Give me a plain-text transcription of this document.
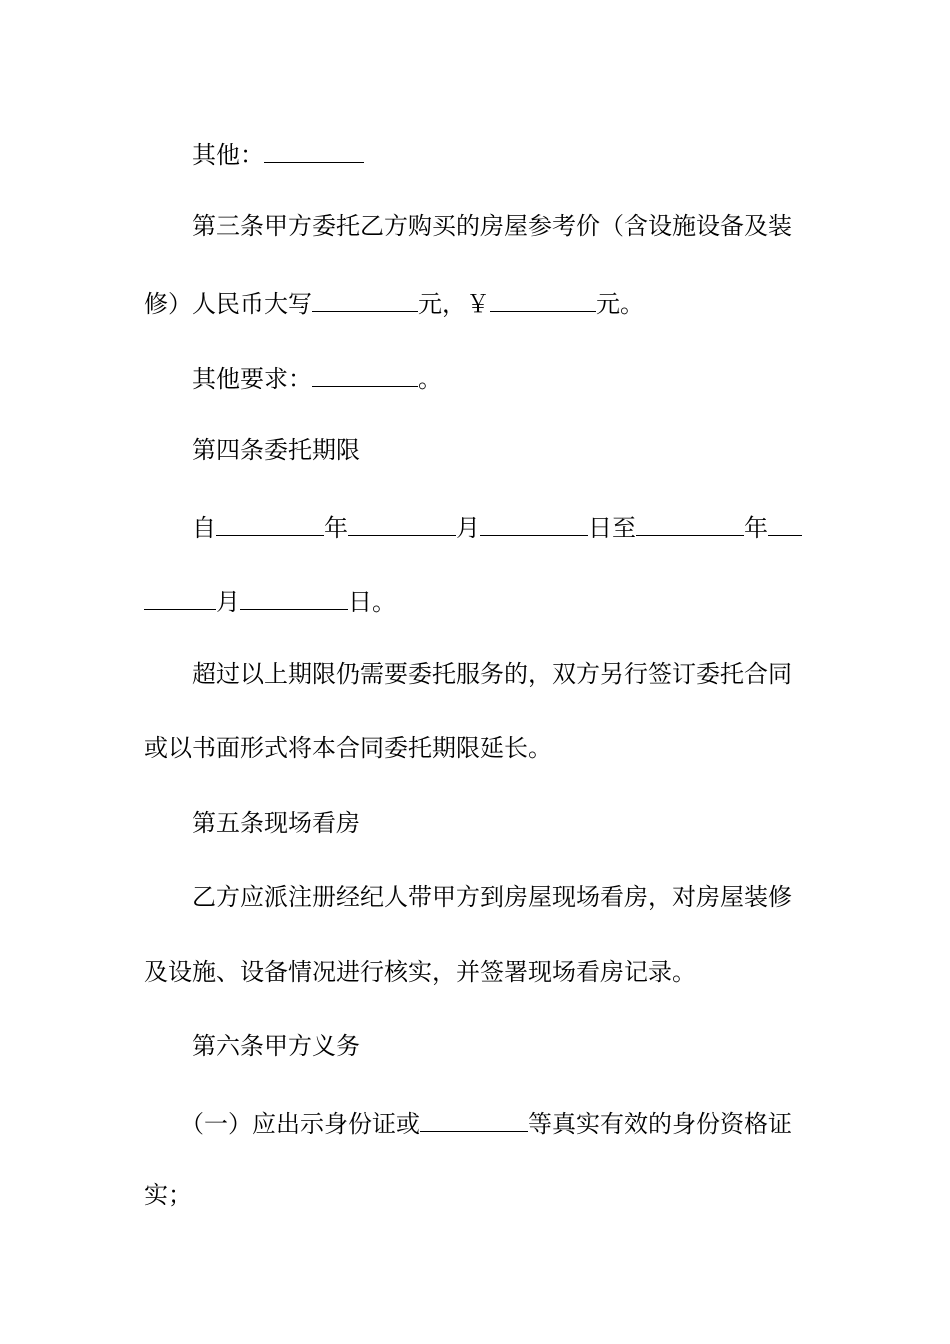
其他：
第三条甲方委托乙方购买的房屋参考价（含设施设备及装
修）人民币大写	元，￥	元。
其他要求：	。
第四条委托期限
自	年	月	日至	年
月	日。
超过以上期限仍需要委托服务的，双方另行签订委托合同
或以书面形式将本合同委托期限延长。
第五条现场看房
乙方应派注册经纪人带甲方到房屋现场看房，对房屋装修
及设施、设备情况进行核实，并签署现场看房记录。
第六条甲方义务
（一）应出示身份证或	等真实有效的身份资格证
实；
